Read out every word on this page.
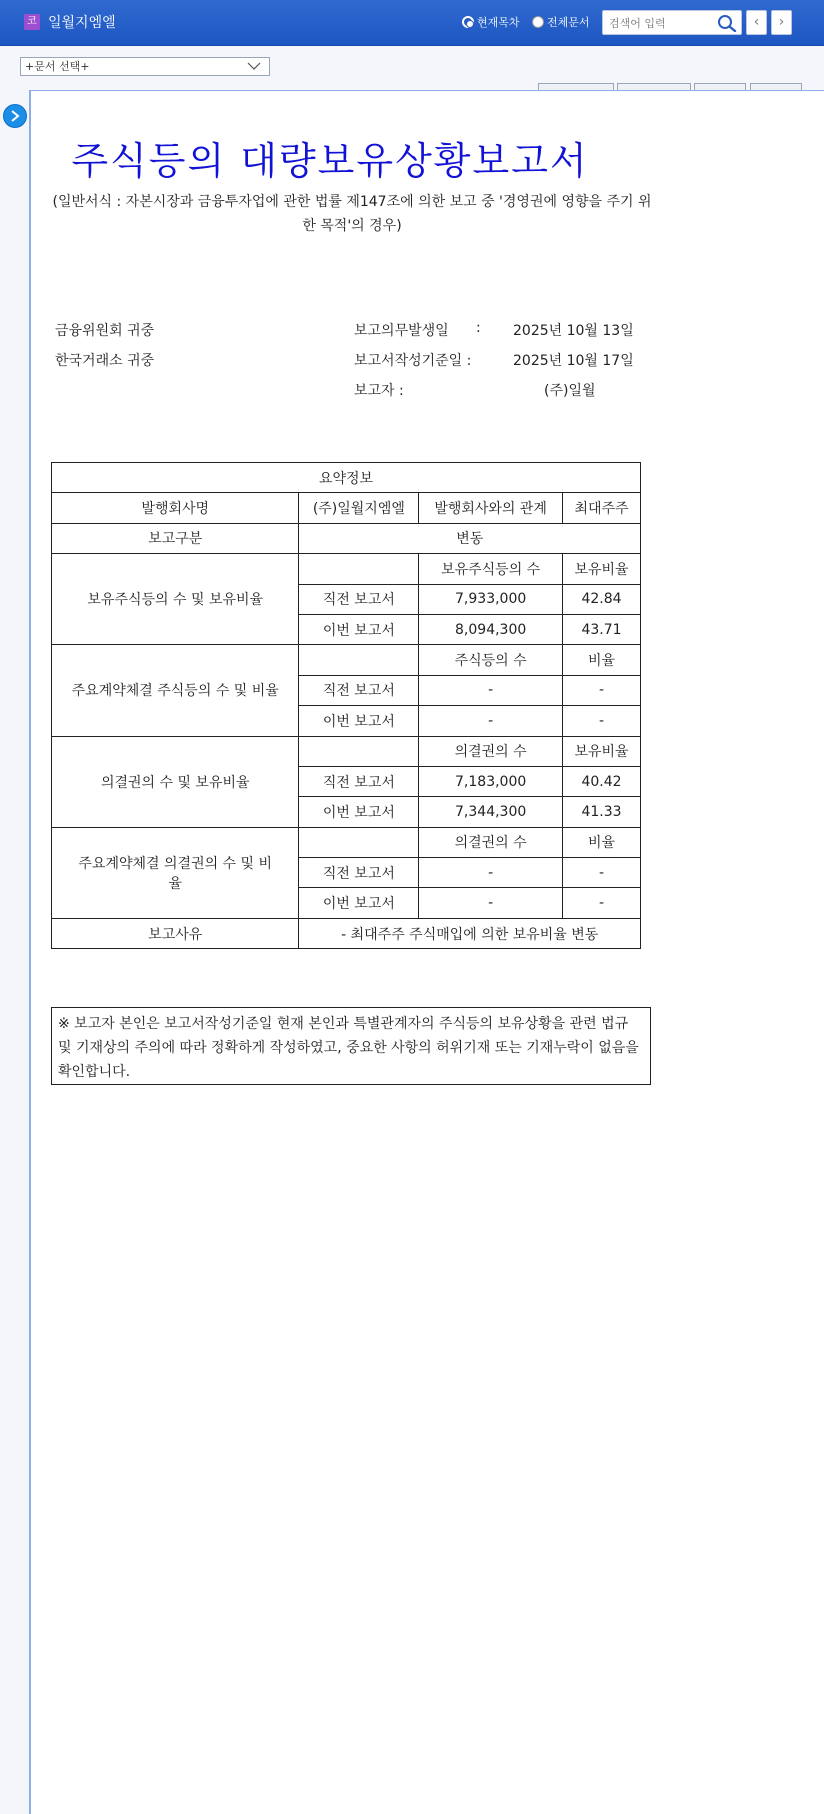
코 일월지엠엘	현재목차 전체문서
검색어 입력	‹	›
+문서 선택+
주식등의 대량보유상황보고서
(일반서식 : 자본시장과 금융투자업에 관한 법률 제147조에 의한 보고 중 '경영권에 영향을 주기 위한 목적'의 경우)
금융위원회 귀중
한국거래소 귀중
보고의무발생일 : 2025년 10월 13일
보고서작성기준일 :	2025년 10월 17일
보고자 :	(주)일월
요약정보			
발행회사명	(주)일월지엠엘	발행회사와의 관계	최대주주
보고구분	변동		
보유주식등의 수 및 보유비율		보유주식등의 수	보유비율
	직전 보고서	7,933,000	42.84
	이번 보고서	8,094,300	43.71
주요계약체결 주식등의 수 및 비율		주식등의 수	비율
	직전 보고서	-	-
	이번 보고서	-	-
의결권의 수 및 보유비율		의결권의 수	보유비율
	직전 보고서	7,183,000	40.42
	이번 보고서	7,344,300	41.33
주요계약체결 의결권의 수 및 비율		의결권의 수	비율
	직전 보고서	-	-
	이번 보고서	-	-
보고사유	- 최대주주 주식매입에 의한 보유비율 변동		
※ 보고자 본인은 보고서작성기준일 현재 본인과 특별관계자의 주식등의 보유상황을 관련 법규 및 기재상의 주의에 따라 정확하게 작성하였고, 중요한 사항의 허위기재 또는 기재누락이 없음을 확인합니다.
